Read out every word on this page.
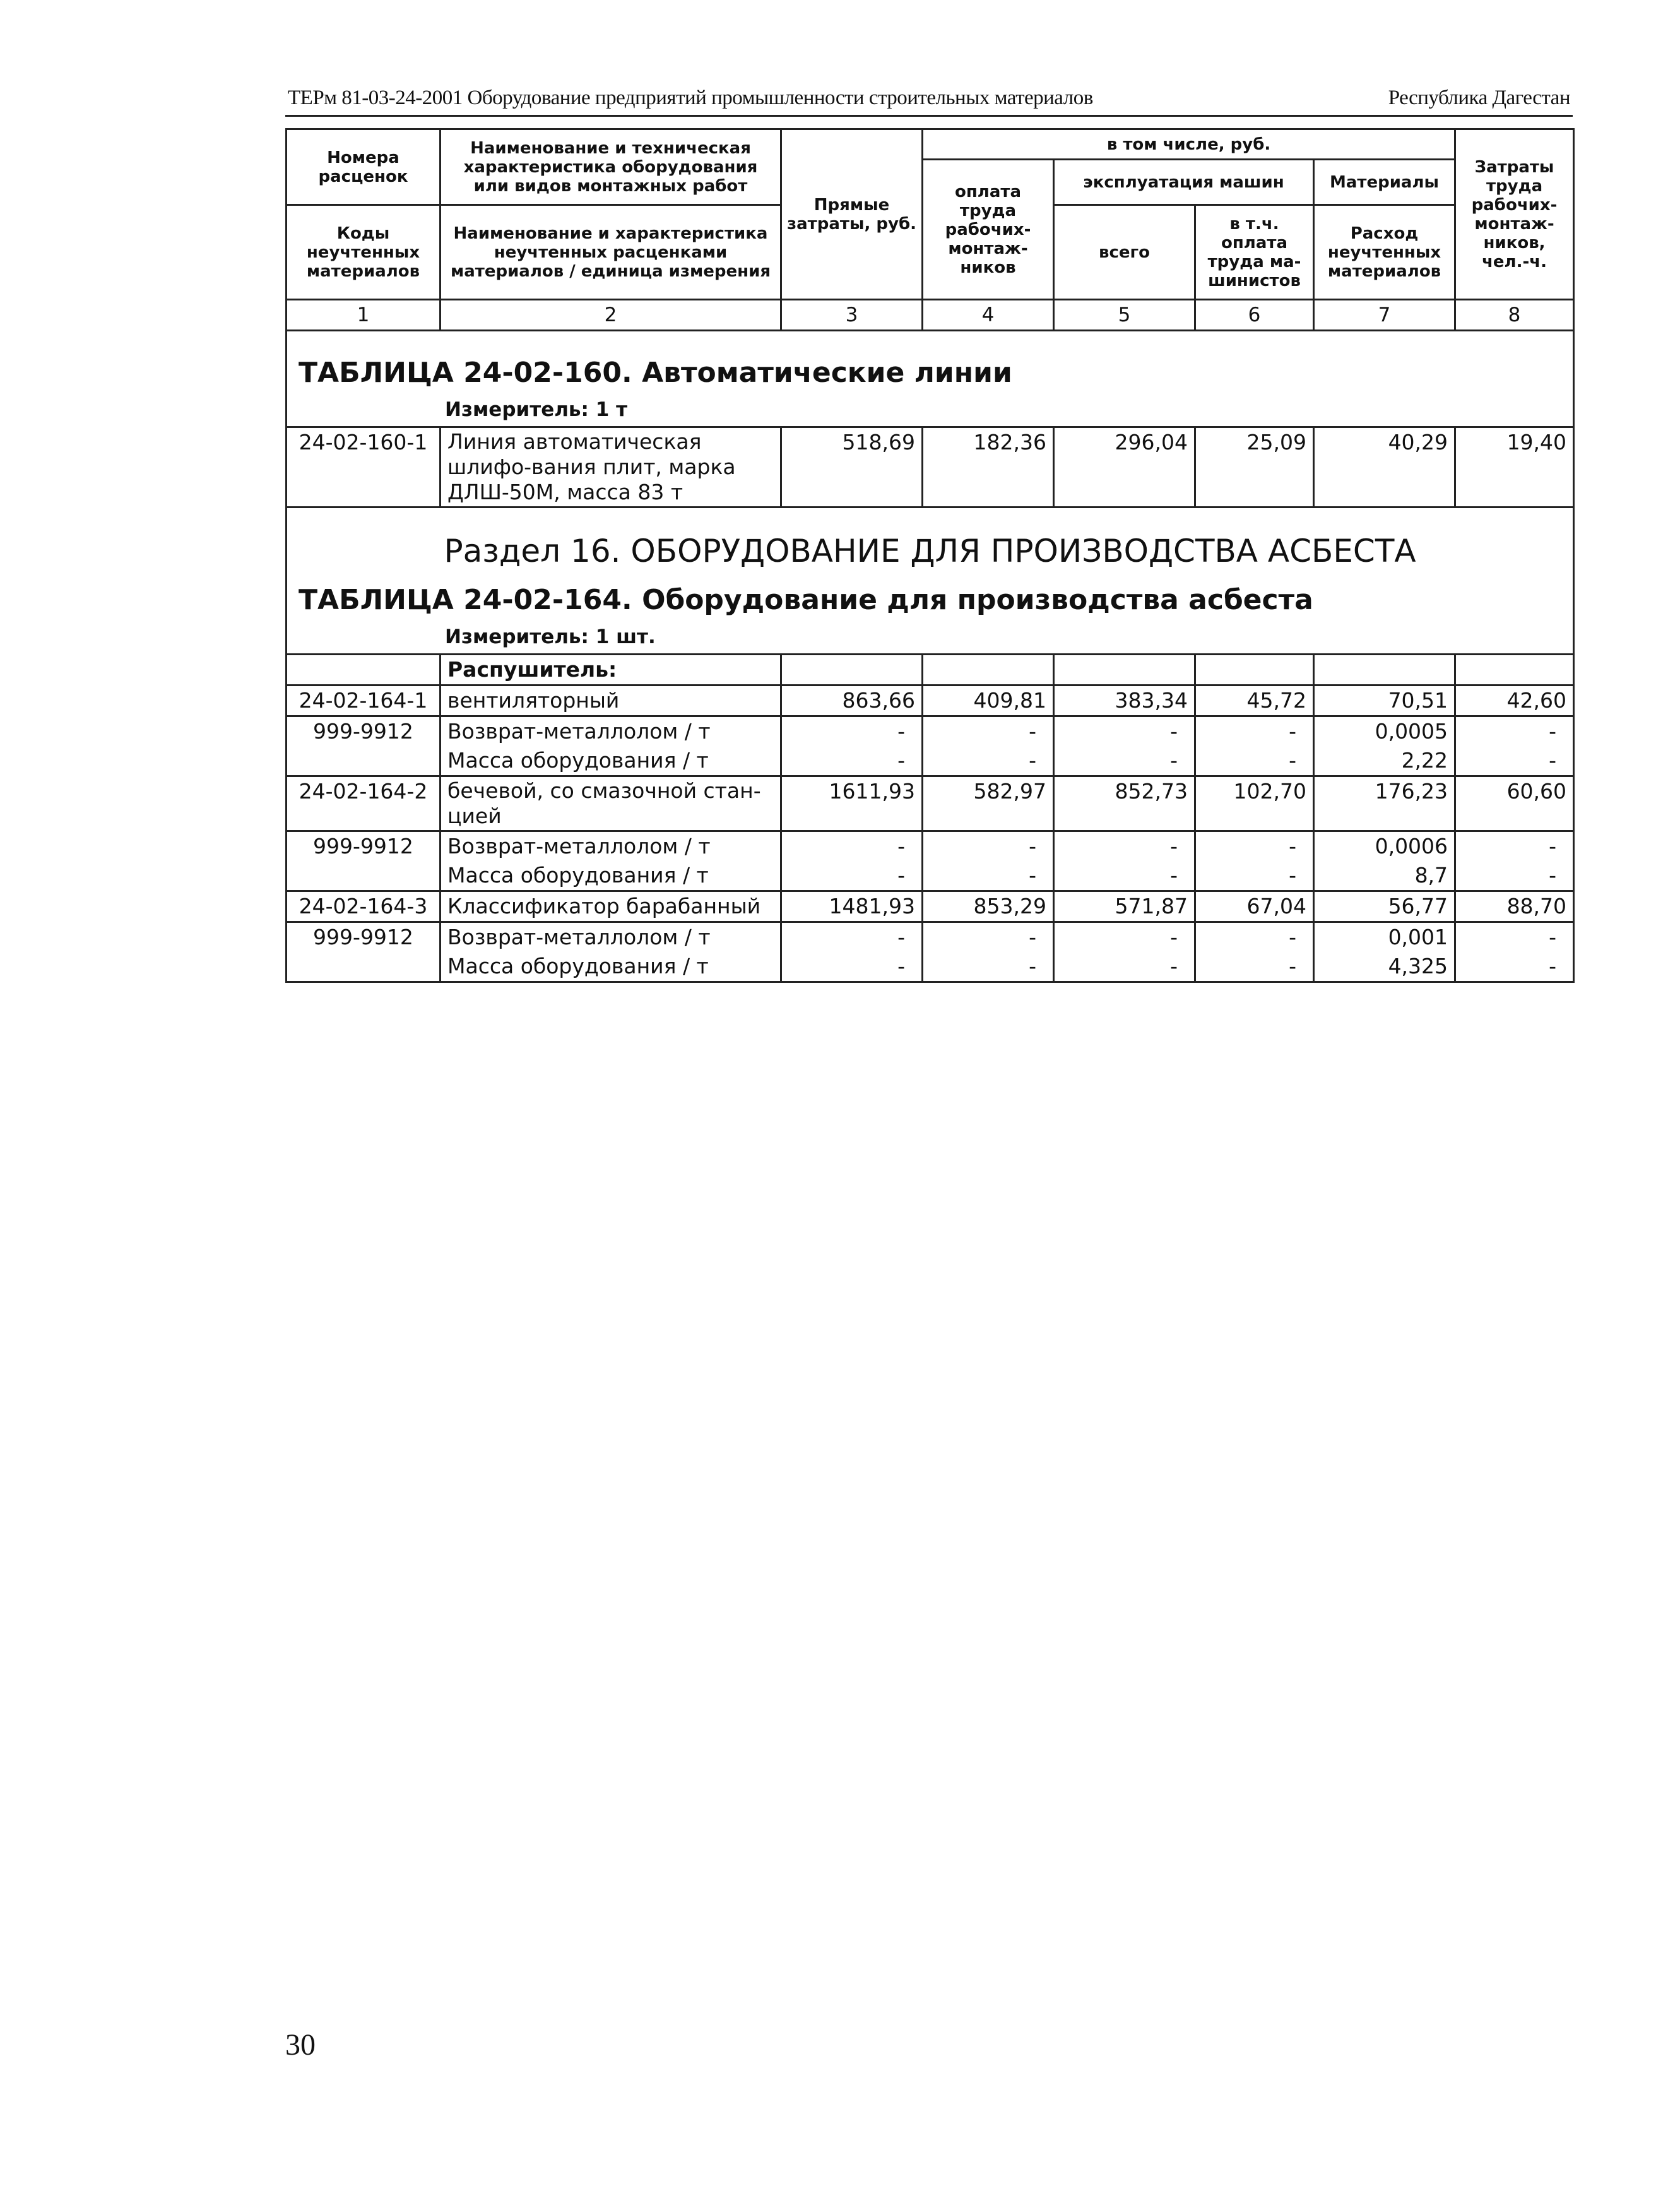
ТЕРм 81-03-24-2001 Оборудование предприятий промышленности строительных материалов	Республика Дагестан
Номера расценок	Наименование и техническая характеристика оборудования или видов монтажных работ	Прямые затраты, руб.	в том числе, руб.				Затраты труда рабочих-монтаж-ников, чел.-ч.
			оплата труда рабочих-монтаж-ников	эксплуатация машин		Материалы	
Коды неучтенных материалов	Наименование и характеристика неучтенных расценками материалов / единица измерения			всего	в т.ч. оплата труда ма-шинистов	Расход неучтенных материалов	

1	2	3	4	5	6	7	8

ТАБЛИЦА 24-02-160. Автоматические линии
Измеритель: 1 т							

24-02-160-1	Линия автоматическая шлифо-вания плит, марка ДЛШ-50М, масса 83 т	518,69	182,36	296,04	25,09	40,29	19,40

Раздел 16. ОБОРУДОВАНИЕ ДЛЯ ПРОИЗВОДСТВА АСБЕСТА
ТАБЛИЦА 24-02-164. Оборудование для производства асбеста
Измеритель: 1 шт.							

	Распушитель:						
24-02-164-1	вентиляторный	863,66	409,81	383,34	45,72	70,51	42,60
999-9912	Возврат-металлолом / т	-	-	-	-	0,0005	-
	Масса оборудования / т	-	-	-	-	2,22	-
24-02-164-2	бечевой, со смазочной стан-цией	1611,93	582,97	852,73	102,70	176,23	60,60
999-9912	Возврат-металлолом / т	-	-	-	-	0,0006	-
	Масса оборудования / т	-	-	-	-	8,7	-
24-02-164-3	Классификатор барабанный	1481,93	853,29	571,87	67,04	56,77	88,70
999-9912	Возврат-металлолом / т	-	-	-	-	0,001	-
	Масса оборудования / т	-	-	-	-	4,325	-
30
